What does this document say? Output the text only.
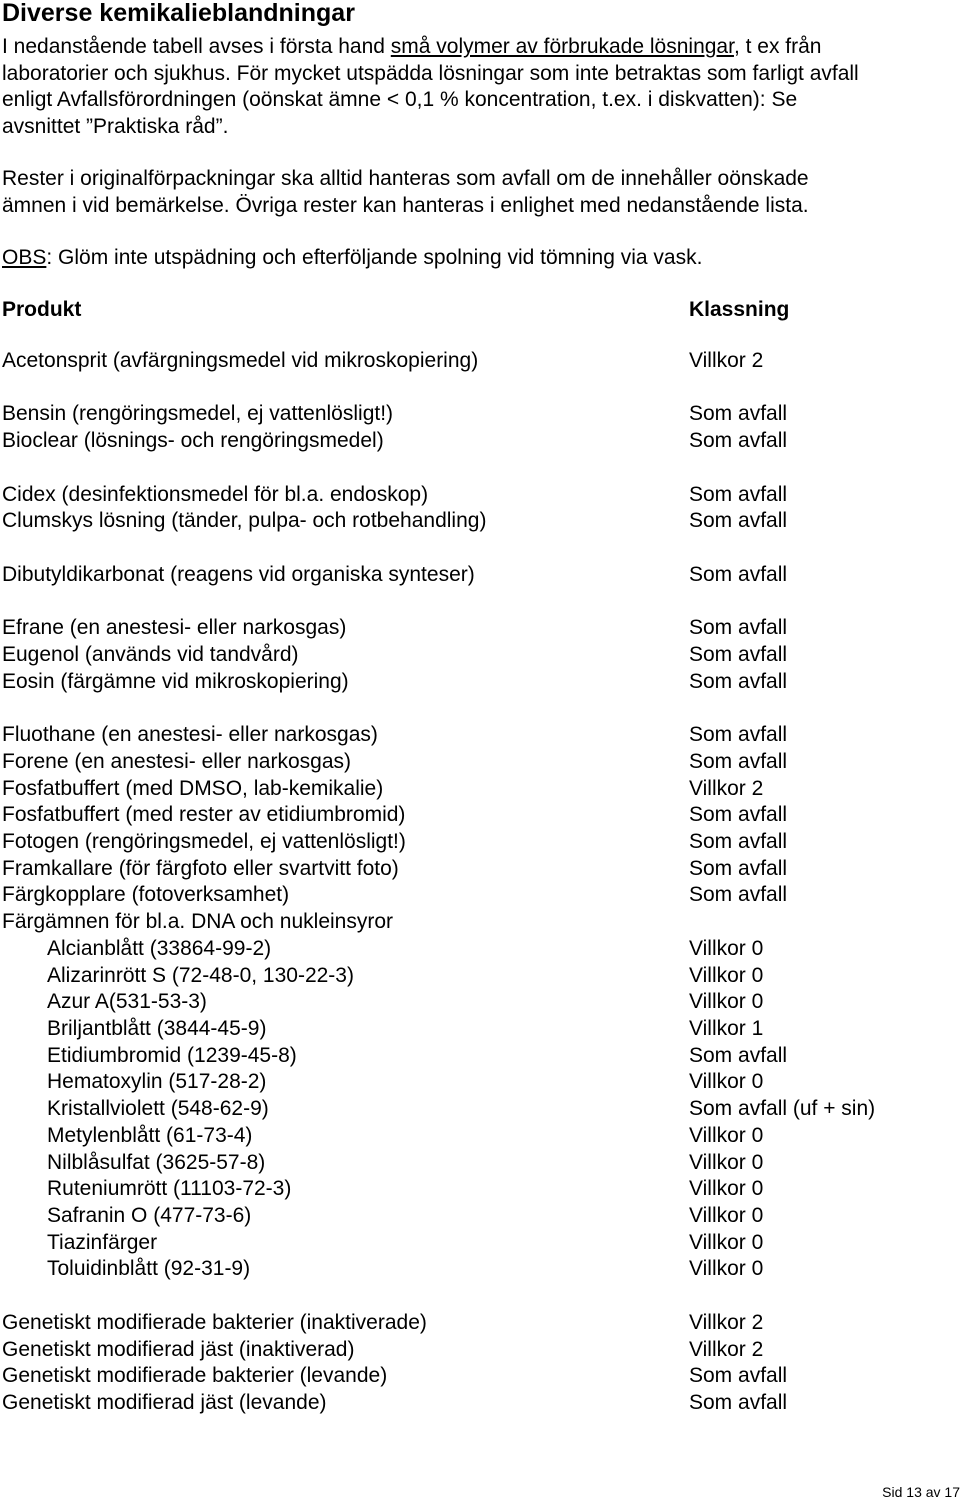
Diverse kemikalieblandningar
I nedanstående tabell avses i första hand små volymer av förbrukade lösningar, t ex från
laboratorier och sjukhus. För mycket utspädda lösningar som inte betraktas som farligt avfall
enligt Avfallsförordningen (oönskat ämne < 0,1 % koncentration, t.ex. i diskvatten): Se
avsnittet ”Praktiska råd”.
Rester i originalförpackningar ska alltid hanteras som avfall om de innehåller oönskade
ämnen i vid bemärkelse. Övriga rester kan hanteras i enlighet med nedanstående lista.
OBS: Glöm inte utspädning och efterföljande spolning vid tömning via vask.
Produkt	Klassning
Acetonsprit (avfärgningsmedel vid mikroskopiering)	Villkor 2
Bensin (rengöringsmedel, ej vattenlösligt!)	Som avfall
Bioclear (lösnings- och rengöringsmedel)	Som avfall
Cidex (desinfektionsmedel för bl.a. endoskop)	Som avfall
Clumskys lösning (tänder, pulpa- och rotbehandling)	Som avfall
Dibutyldikarbonat (reagens vid organiska synteser)	Som avfall
Efrane (en anestesi- eller narkosgas)	Som avfall
Eugenol (används vid tandvård)	Som avfall
Eosin (färgämne vid mikroskopiering)	Som avfall
Fluothane (en anestesi- eller narkosgas)	Som avfall
Forene (en anestesi- eller narkosgas)	Som avfall
Fosfatbuffert (med DMSO, lab-kemikalie)	Villkor 2
Fosfatbuffert (med rester av etidiumbromid)	Som avfall
Fotogen (rengöringsmedel, ej vattenlösligt!)	Som avfall
Framkallare (för färgfoto eller svartvitt foto)	Som avfall
Färgkopplare (fotoverksamhet)	Som avfall
Färgämnen för bl.a. DNA och nukleinsyror
Alcianblått (33864-99-2)	Villkor 0
Alizarinrött S (72-48-0, 130-22-3)	Villkor 0
Azur A(531-53-3)	Villkor 0
Briljantblått (3844-45-9)	Villkor 1
Etidiumbromid (1239-45-8)	Som avfall
Hematoxylin (517-28-2)	Villkor 0
Kristallviolett (548-62-9)	Som avfall (uf + sin)
Metylenblått (61-73-4)	Villkor 0
Nilblåsulfat (3625-57-8)	Villkor 0
Ruteniumrött (11103-72-3)	Villkor 0
Safranin O (477-73-6)	Villkor 0
Tiazinfärger	Villkor 0
Toluidinblått (92-31-9)	Villkor 0
Genetiskt modifierade bakterier (inaktiverade)	Villkor 2
Genetiskt modifierad jäst (inaktiverad)	Villkor 2
Genetiskt modifierade bakterier (levande)	Som avfall
Genetiskt modifierad jäst (levande)	Som avfall
Sid 13 av 17
